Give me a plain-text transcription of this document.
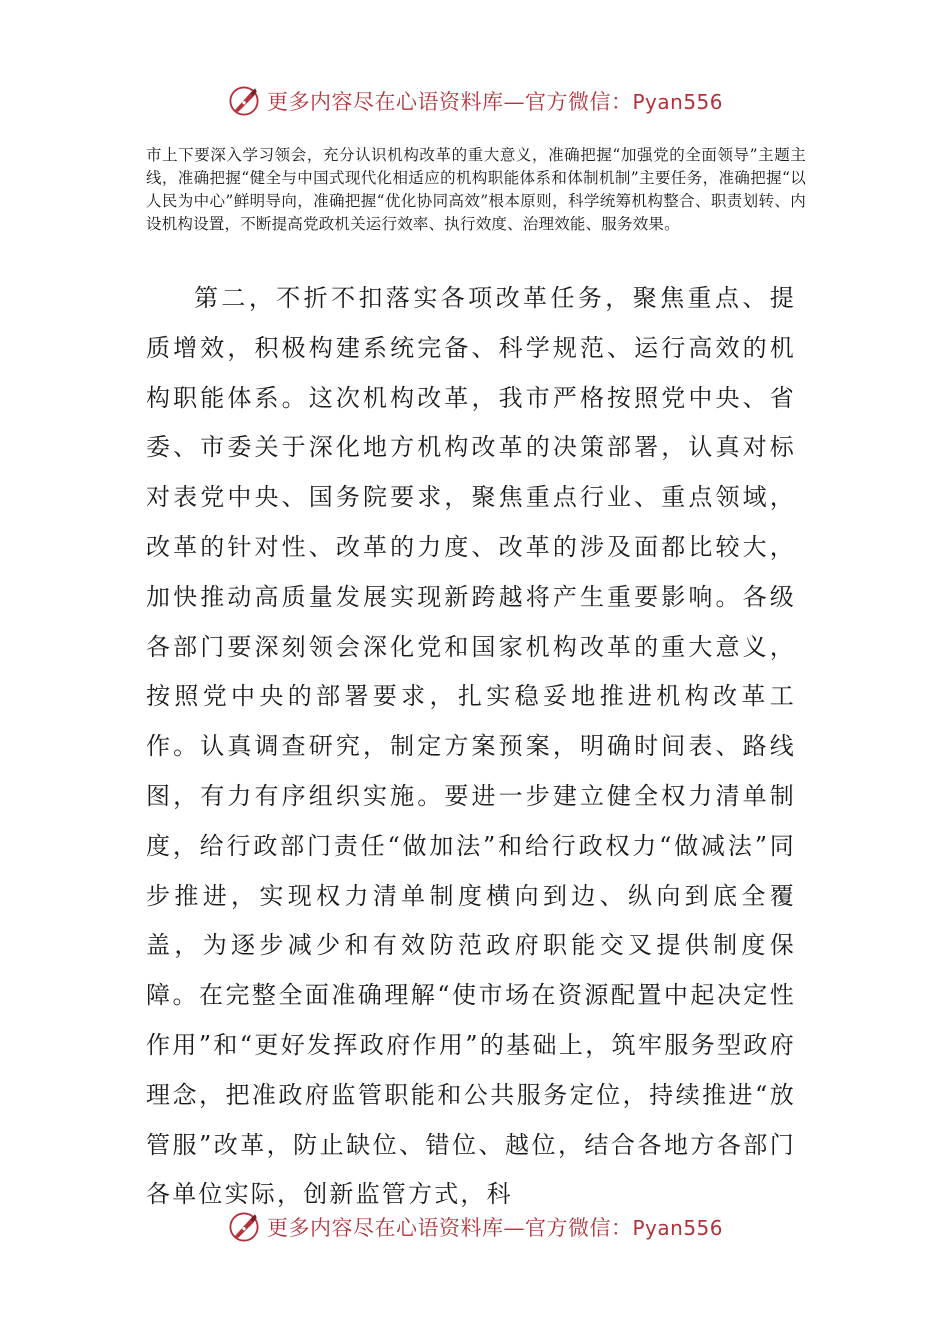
更多内容尽在心语资料库—官方微信：Pyan556
市上下要深入学习领会，充分认识机构改革的重大意义，准确把握“加强党的全面领导”主题主线，准确把握“健全与中国式现代化相适应的机构职能体系和体制机制”主要任务，准确把握“以人民为中心”鲜明导向，准确把握“优化协同高效”根本原则，科学统筹机构整合、职责划转、内设机构设置，不断提高党政机关运行效率、执行效度、治理效能、服务效果。
第二，不折不扣落实各项改革任务，聚焦重点、提质增效，积极构建系统完备、科学规范、运行高效的机构职能体系。这次机构改革，我市严格按照党中央、省委、市委关于深化地方机构改革的决策部署，认真对标对表党中央、国务院要求，聚焦重点行业、重点领域，改革的针对性、改革的力度、改革的涉及面都比较大，加快推动高质量发展实现新跨越将产生重要影响。各级各部门要深刻领会深化党和国家机构改革的重大意义，按照党中央的部署要求，扎实稳妥地推进机构改革工作。认真调查研究，制定方案预案，明确时间表、路线图，有力有序组织实施。要进一步建立健全权力清单制度，给行政部门责任“做加法”和给行政权力“做减法”同步推进，实现权力清单制度横向到边、纵向到底全覆盖，为逐步减少和有效防范政府职能交叉提供制度保障。在完整全面准确理解“使市场在资源配置中起决定性作用”和“更好发挥政府作用”的基础上，筑牢服务型政府理念，把准政府监管职能和公共服务定位，持续推进“放管服”改革，防止缺位、错位、越位，结合各地方各部门各单位实际，创新监管方式，科
更多内容尽在心语资料库—官方微信：Pyan556
